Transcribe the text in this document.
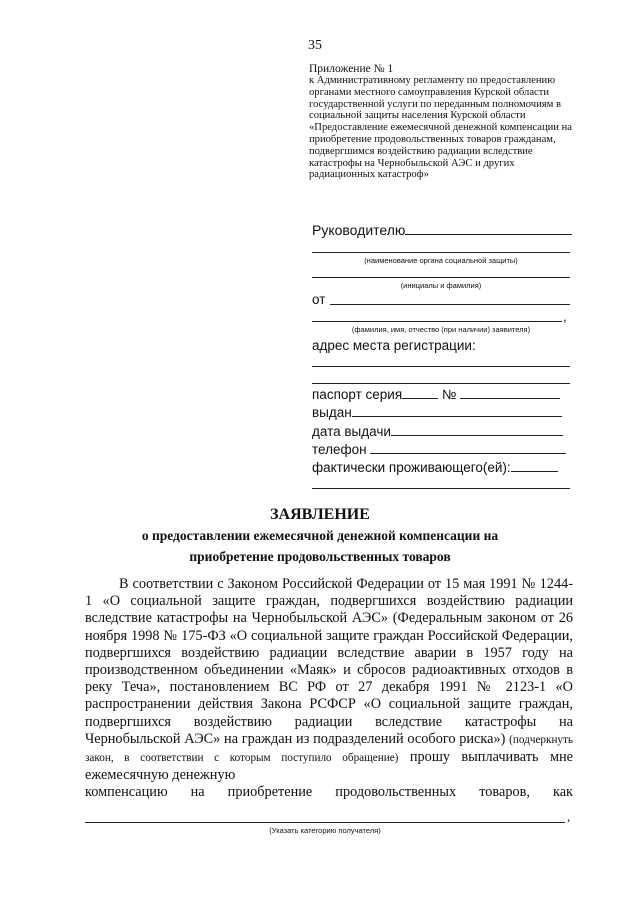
35
Приложение № 1
к Административному регламенту по предоставлению органами местного самоуправления Курской области государственной услуги по переданным полномочиям в социальной защиты населения Курской области «Предоставление ежемесячной денежной компенсации на приобретение продовольственных товаров гражданам, подвергшимся воздействию радиации вследствие катастрофы на Чернобыльской АЭС и других радиационных катастроф»
Руководителю
(наименование органа социальной защиты)
(инициалы и фамилия)
от
,
(фамилия, имя, отчество (при наличии) заявителя)
адрес места регистрации:
паспорт серия	№
выдан
дата выдачи
телефон
фактически проживающего(ей):
ЗАЯВЛЕНИЕ
о предоставлении ежемесячной денежной компенсации на
приобретение продовольственных товаров
В соответствии с Законом Российской Федерации от 15 мая 1991 № 1244-1 «О социальной защите граждан, подвергшихся воздействию радиации вследствие катастрофы на Чернобыльской АЭС» (Федеральным законом от 26 ноября 1998 № 175-ФЗ «О социальной защите граждан Российской Федерации, подвергшихся воздействию радиации вследствие аварии в 1957 году на производственном объединении «Маяк» и сбросов радиоактивных отходов в реку Теча», постановлением ВС РФ от 27 декабря 1991 № 2123-1 «О распространении действия Закона РСФСР «О социальной защите граждан, подвергшихся воздействию радиации вследствие катастрофы на Чернобыльской АЭС» на граждан из подразделений особого риска») (подчеркнуть закон, в соответствии с которым поступило обращение) прошу выплачивать мне ежемесячную денежную
компенсацию на приобретение продовольственных товаров, как
,
(Указать категорию получателя)
